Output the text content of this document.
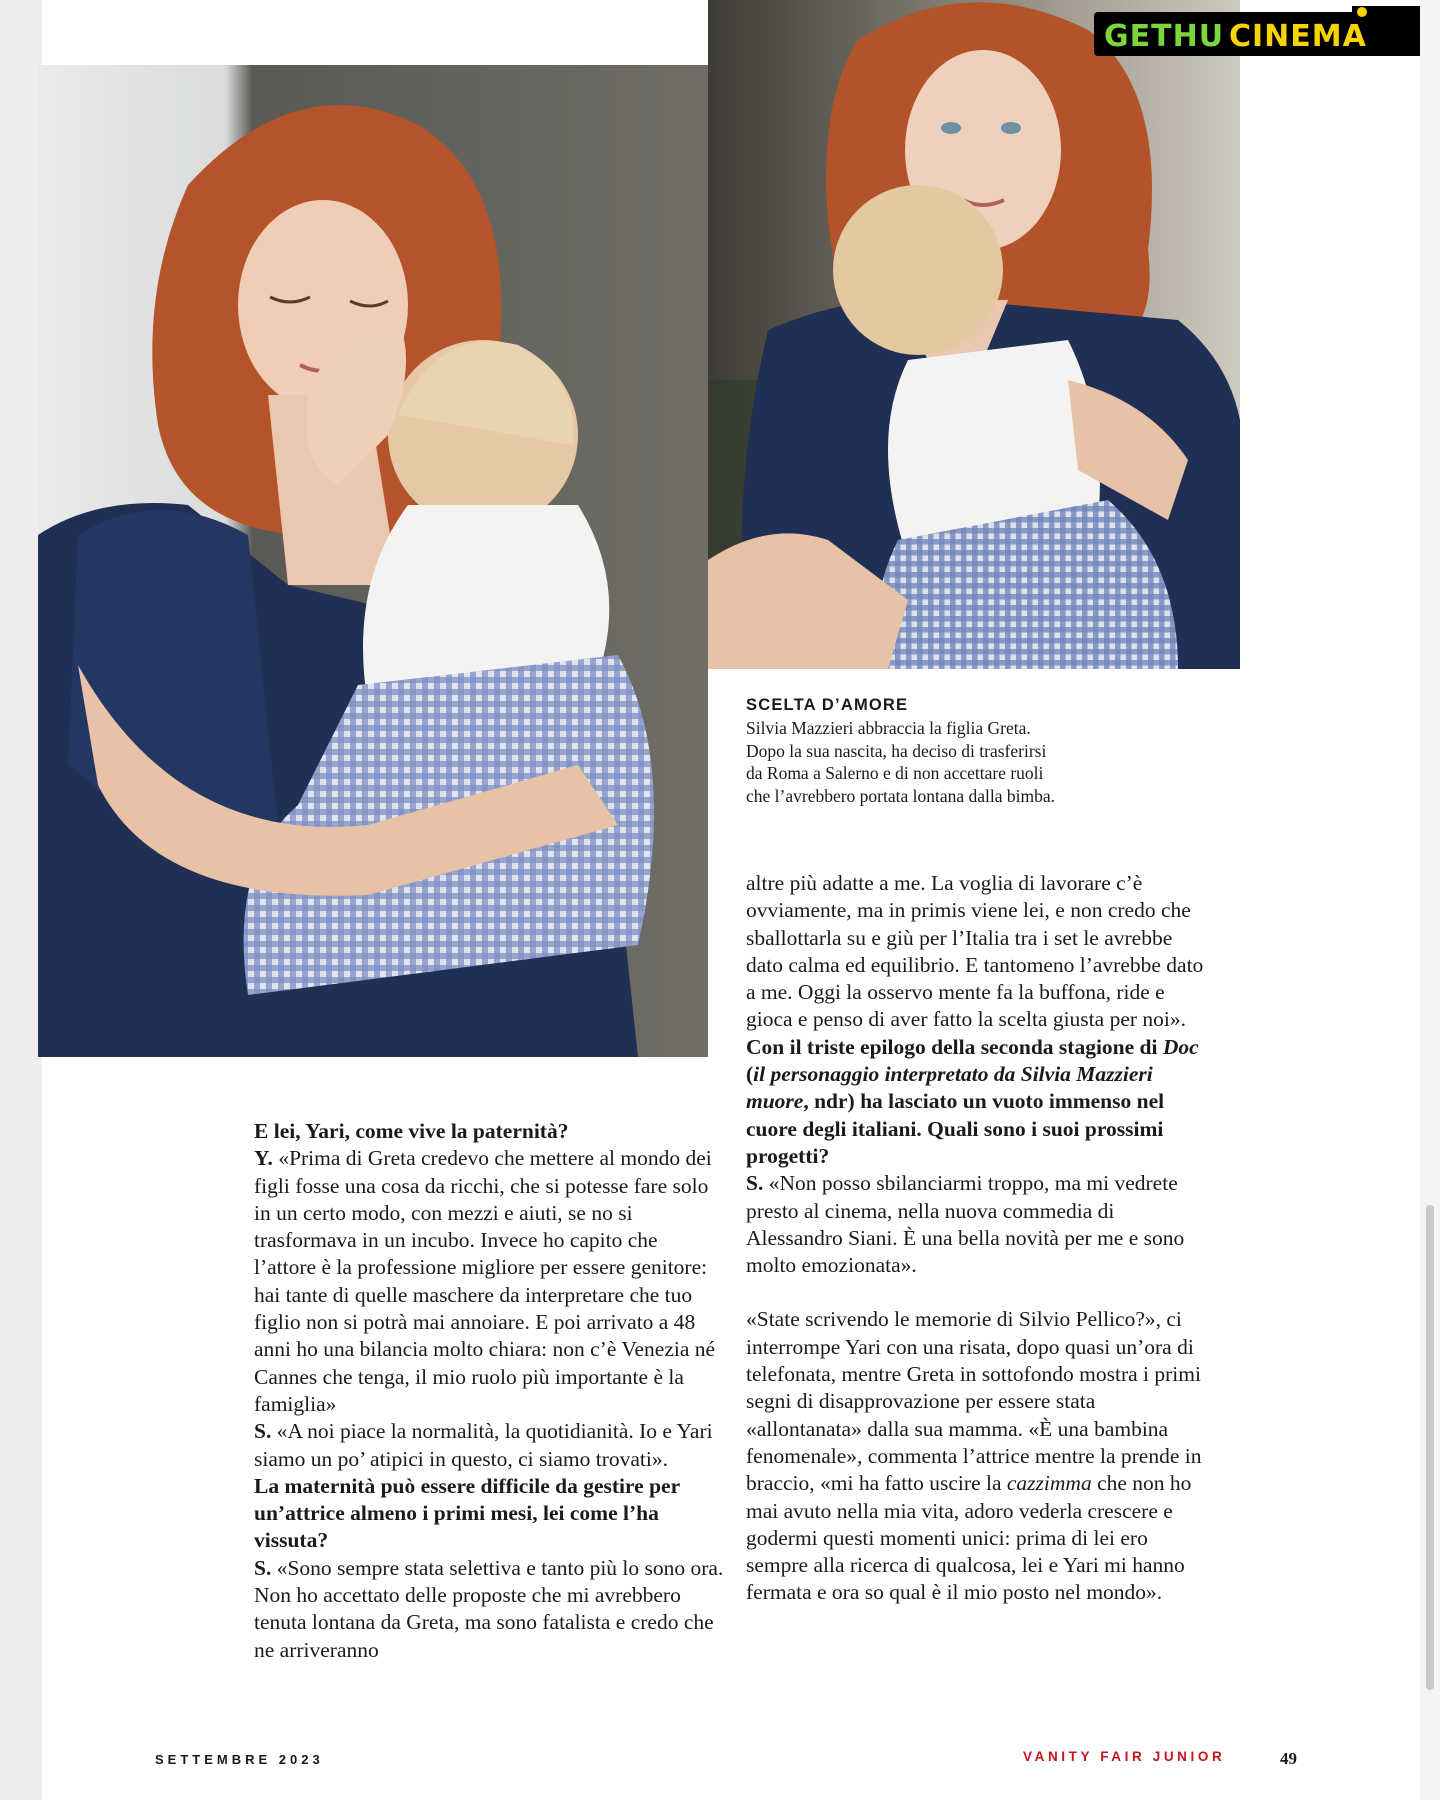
GETHU CINEMA

SCELTA D’AMORE

Silvia Mazzieri abbraccia la figlia Greta.

Dopo la sua nascita, ha deciso di trasferirsi

da Roma a Salerno e di non accettare ruoli

che l’avrebbero portata lontana dalla bimba.

E lei, Yari, come vive la paternità?

Y. «Prima di Greta credevo che mettere al mondo dei figli fosse una cosa da ricchi, che si potesse fare solo in un certo modo, con mezzi e aiuti, se no si trasformava in un incubo. Invece ho capito che l’attore è la professione migliore per essere genitore: hai tante di quelle maschere da interpretare che tuo figlio non si potrà mai annoiare. E poi arrivato a 48 anni ho una bilancia molto chiara: non c’è Venezia né Cannes che tenga, il mio ruolo più importante è la famiglia»

S. «A noi piace la normalità, la quotidianità. Io e Yari siamo un po’ atipici in questo, ci siamo trovati».

La maternità può essere difficile da gestire per un’attrice almeno i primi mesi, lei come l’ha vissuta?

S. «Sono sempre stata selettiva e tanto più lo sono ora. Non ho accettato delle proposte che mi avrebbero tenuta lontana da Greta, ma sono fatalista e credo che ne arriveranno

altre più adatte a me. La voglia di lavorare c’è ovviamente, ma in primis viene lei, e non credo che sballottarla su e giù per l’Italia tra i set le avrebbe dato calma ed equilibrio. E tantomeno l’avrebbe dato a me. Oggi la osservo mente fa la buffona, ride e gioca e penso di aver fatto la scelta giusta per noi».

Con il triste epilogo della seconda stagione di Doc (il personaggio interpretato da Silvia Mazzieri muore, ndr) ha lasciato un vuoto immenso nel cuore degli italiani. Quali sono i suoi prossimi progetti?

S. «Non posso sbilanciarmi troppo, ma mi vedrete presto al cinema, nella nuova commedia di Alessandro Siani. È una bella novità per me e sono molto emozionata».

«State scrivendo le memorie di Silvio Pellico?», ci interrompe Yari con una risata, dopo quasi un’ora di telefonata, mentre Greta in sottofondo mostra i primi segni di disapprovazione per essere stata «allontanata» dalla sua mamma. «È una bambina fenomenale», commenta l’attrice mentre la prende in braccio, «mi ha fatto uscire la cazzimma che non ho mai avuto nella mia vita, adoro vederla crescere e godermi questi momenti unici: prima di lei ero sempre alla ricerca di qualcosa, lei e Yari mi hanno fermata e ora so qual è il mio posto nel mondo».

SETTEMBRE 2023	VANITY FAIR JUNIOR	49
